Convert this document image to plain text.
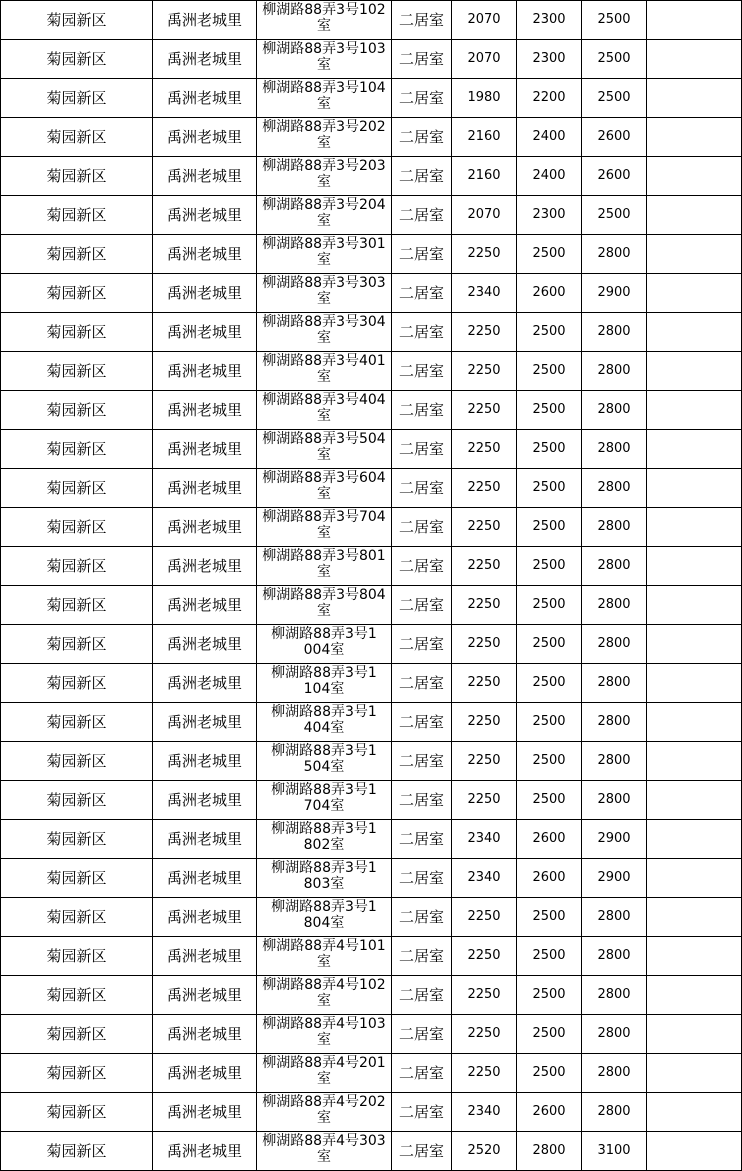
菊园新区	禹洲老城里	柳湖路88弄3号102室	二居室	2070	2300	2500	
菊园新区	禹洲老城里	柳湖路88弄3号103室	二居室	2070	2300	2500	
菊园新区	禹洲老城里	柳湖路88弄3号104室	二居室	1980	2200	2500	
菊园新区	禹洲老城里	柳湖路88弄3号202室	二居室	2160	2400	2600	
菊园新区	禹洲老城里	柳湖路88弄3号203室	二居室	2160	2400	2600	
菊园新区	禹洲老城里	柳湖路88弄3号204室	二居室	2070	2300	2500	
菊园新区	禹洲老城里	柳湖路88弄3号301室	二居室	2250	2500	2800	
菊园新区	禹洲老城里	柳湖路88弄3号303室	二居室	2340	2600	2900	
菊园新区	禹洲老城里	柳湖路88弄3号304室	二居室	2250	2500	2800	
菊园新区	禹洲老城里	柳湖路88弄3号401室	二居室	2250	2500	2800	
菊园新区	禹洲老城里	柳湖路88弄3号404室	二居室	2250	2500	2800	
菊园新区	禹洲老城里	柳湖路88弄3号504室	二居室	2250	2500	2800	
菊园新区	禹洲老城里	柳湖路88弄3号604室	二居室	2250	2500	2800	
菊园新区	禹洲老城里	柳湖路88弄3号704室	二居室	2250	2500	2800	
菊园新区	禹洲老城里	柳湖路88弄3号801室	二居室	2250	2500	2800	
菊园新区	禹洲老城里	柳湖路88弄3号804室	二居室	2250	2500	2800	
菊园新区	禹洲老城里	柳湖路88弄3号1004室	二居室	2250	2500	2800	
菊园新区	禹洲老城里	柳湖路88弄3号1104室	二居室	2250	2500	2800	
菊园新区	禹洲老城里	柳湖路88弄3号1404室	二居室	2250	2500	2800	
菊园新区	禹洲老城里	柳湖路88弄3号1504室	二居室	2250	2500	2800	
菊园新区	禹洲老城里	柳湖路88弄3号1704室	二居室	2250	2500	2800	
菊园新区	禹洲老城里	柳湖路88弄3号1802室	二居室	2340	2600	2900	
菊园新区	禹洲老城里	柳湖路88弄3号1803室	二居室	2340	2600	2900	
菊园新区	禹洲老城里	柳湖路88弄3号1804室	二居室	2250	2500	2800	
菊园新区	禹洲老城里	柳湖路88弄4号101室	二居室	2250	2500	2800	
菊园新区	禹洲老城里	柳湖路88弄4号102室	二居室	2250	2500	2800	
菊园新区	禹洲老城里	柳湖路88弄4号103室	二居室	2250	2500	2800	
菊园新区	禹洲老城里	柳湖路88弄4号201室	二居室	2250	2500	2800	
菊园新区	禹洲老城里	柳湖路88弄4号202室	二居室	2340	2600	2800	
菊园新区	禹洲老城里	柳湖路88弄4号303室	二居室	2520	2800	3100	
